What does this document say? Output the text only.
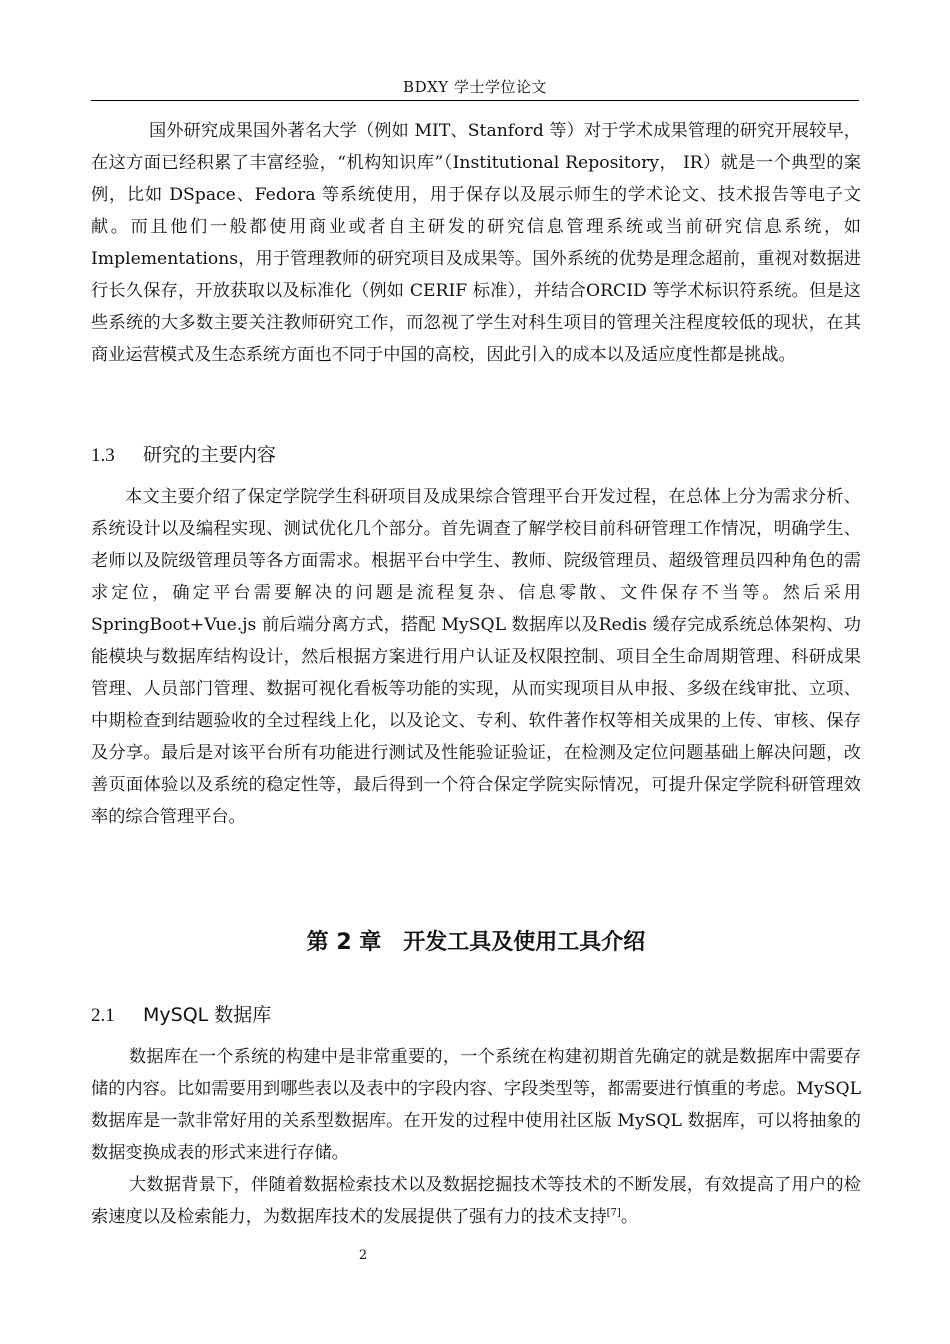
BDXY 学士学位论文

国外研究成果国外著名大学（例如 MIT、Stanford 等）对于学术成果管理的研究开展较早，在这方面已经积累了丰富经验，“机构知识库”（Institutional Repository， IR）就是一个典型的案例，比如 DSpace、Fedora 等系统使用，用于保存以及展示师生的学术论文、技术报告等电子文献。而且他们一般都使用商业或者自主研发的研究信息管理系统或当前研究信息系统，如 Implementations，用于管理教师的研究项目及成果等。国外系统的优势是理念超前，重视对数据进行长久保存，开放获取以及标准化（例如 CERIF 标准），并结合ORCID 等学术标识符系统。但是这些系统的大多数主要关注教师研究工作，而忽视了学生对科生项目的管理关注程度较低的现状，在其商业运营模式及生态系统方面也不同于中国的高校，因此引入的成本以及适应度性都是挑战。

1.3 研究的主要内容

本文主要介绍了保定学院学生科研项目及成果综合管理平台开发过程，在总体上分为需求分析、系统设计以及编程实现、测试优化几个部分。首先调查了解学校目前科研管理工作情况，明确学生、老师以及院级管理员等各方面需求。根据平台中学生、教师、院级管理员、超级管理员四种角色的需求定位，确定平台需要解决的问题是流程复杂、信息零散、文件保存不当等。然后采用 SpringBoot+Vue.js 前后端分离方式，搭配 MySQL 数据库以及Redis 缓存完成系统总体架构、功能模块与数据库结构设计，然后根据方案进行用户认证及权限控制、项目全生命周期管理、科研成果管理、人员部门管理、数据可视化看板等功能的实现，从而实现项目从申报、多级在线审批、立项、中期检查到结题验收的全过程线上化，以及论文、专利、软件著作权等相关成果的上传、审核、保存及分享。最后是对该平台所有功能进行测试及性能验证验证，在检测及定位问题基础上解决问题，改善页面体验以及系统的稳定性等，最后得到一个符合保定学院实际情况，可提升保定学院科研管理效率的综合管理平台。

第 2 章　开发工具及使用工具介绍
2.1 MySQL 数据库

数据库在一个系统的构建中是非常重要的，一个系统在构建初期首先确定的就是数据库中需要存储的内容。比如需要用到哪些表以及表中的字段内容、字段类型等，都需要进行慎重的考虑。MySQL 数据库是一款非常好用的关系型数据库。在开发的过程中使用社区版 MySQL 数据库，可以将抽象的数据变换成表的形式来进行存储。

大数据背景下，伴随着数据检索技术以及数据挖掘技术等技术的不断发展，有效提高了用户的检索速度以及检索能力，为数据库技术的发展提供了强有力的技术支持[7]。

2
